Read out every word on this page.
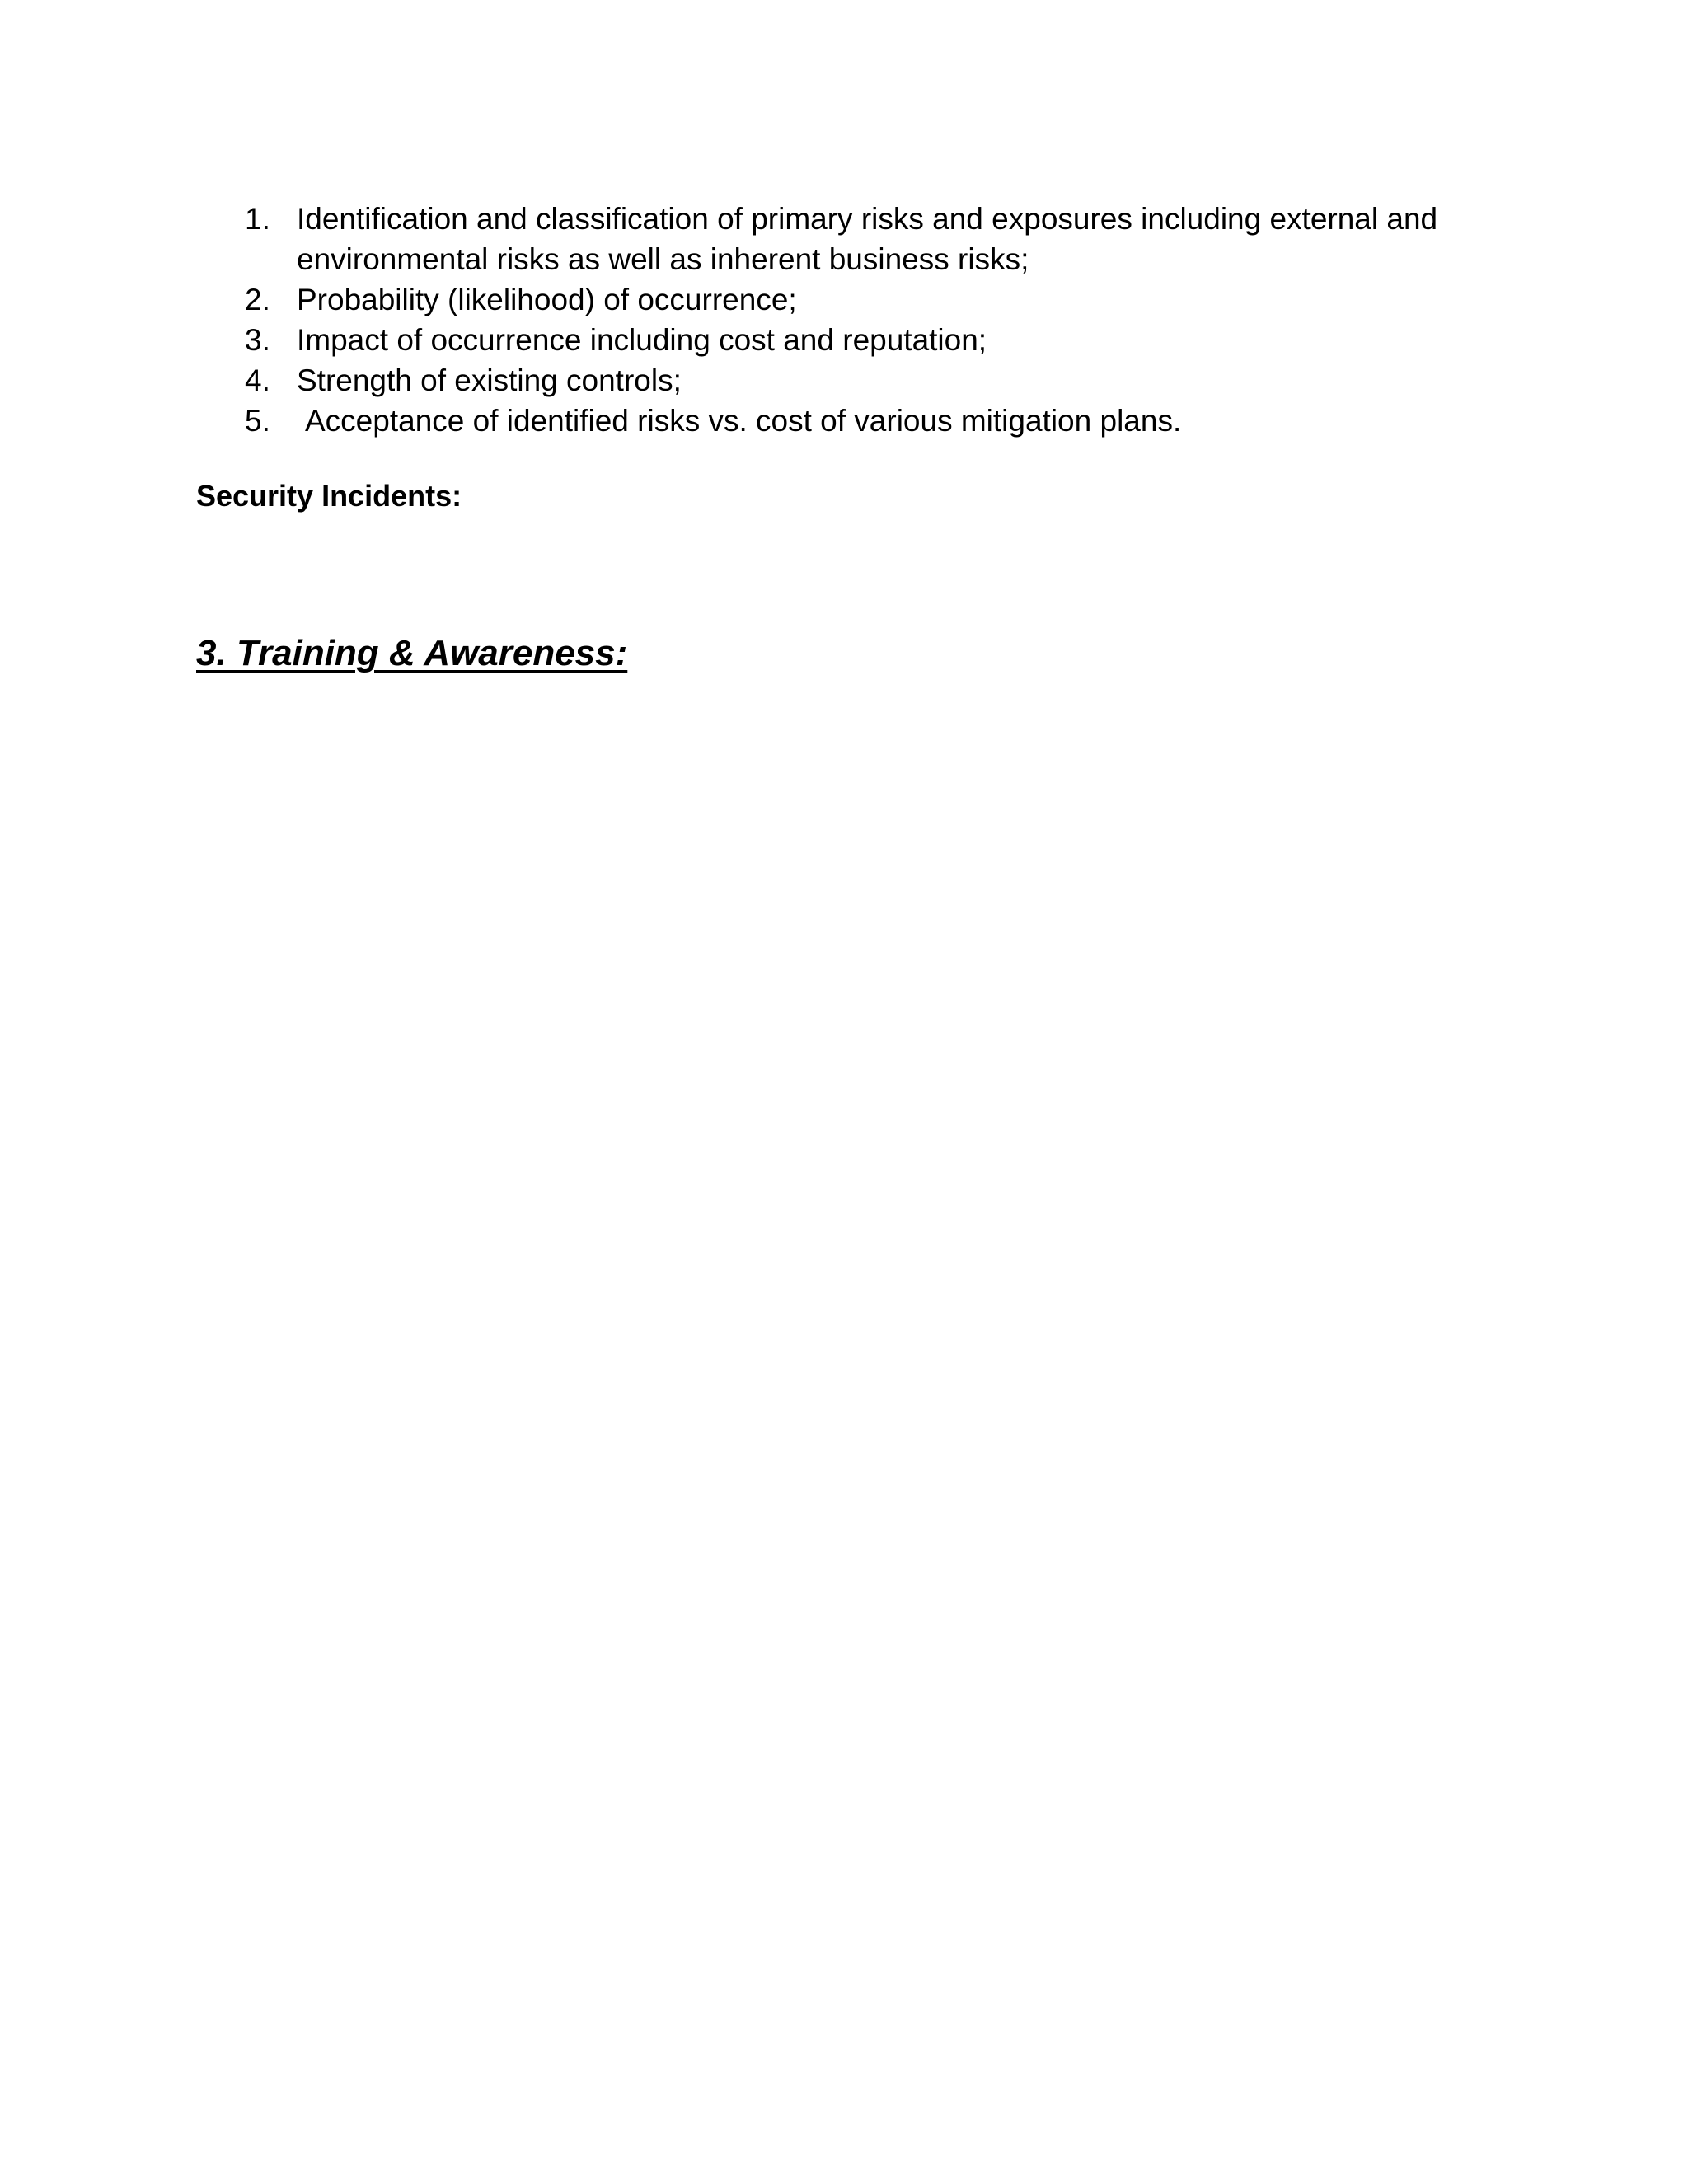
1. Identification and classification of primary risks and exposures including external and
environmental risks as well as inherent business risks;
2. Probability (likelihood) of occurrence;
3. Impact of occurrence including cost and reputation;
4. Strength of existing controls;
5. Acceptance of identified risks vs. cost of various mitigation plans.
Security Incidents:
3. Training & Awareness:
